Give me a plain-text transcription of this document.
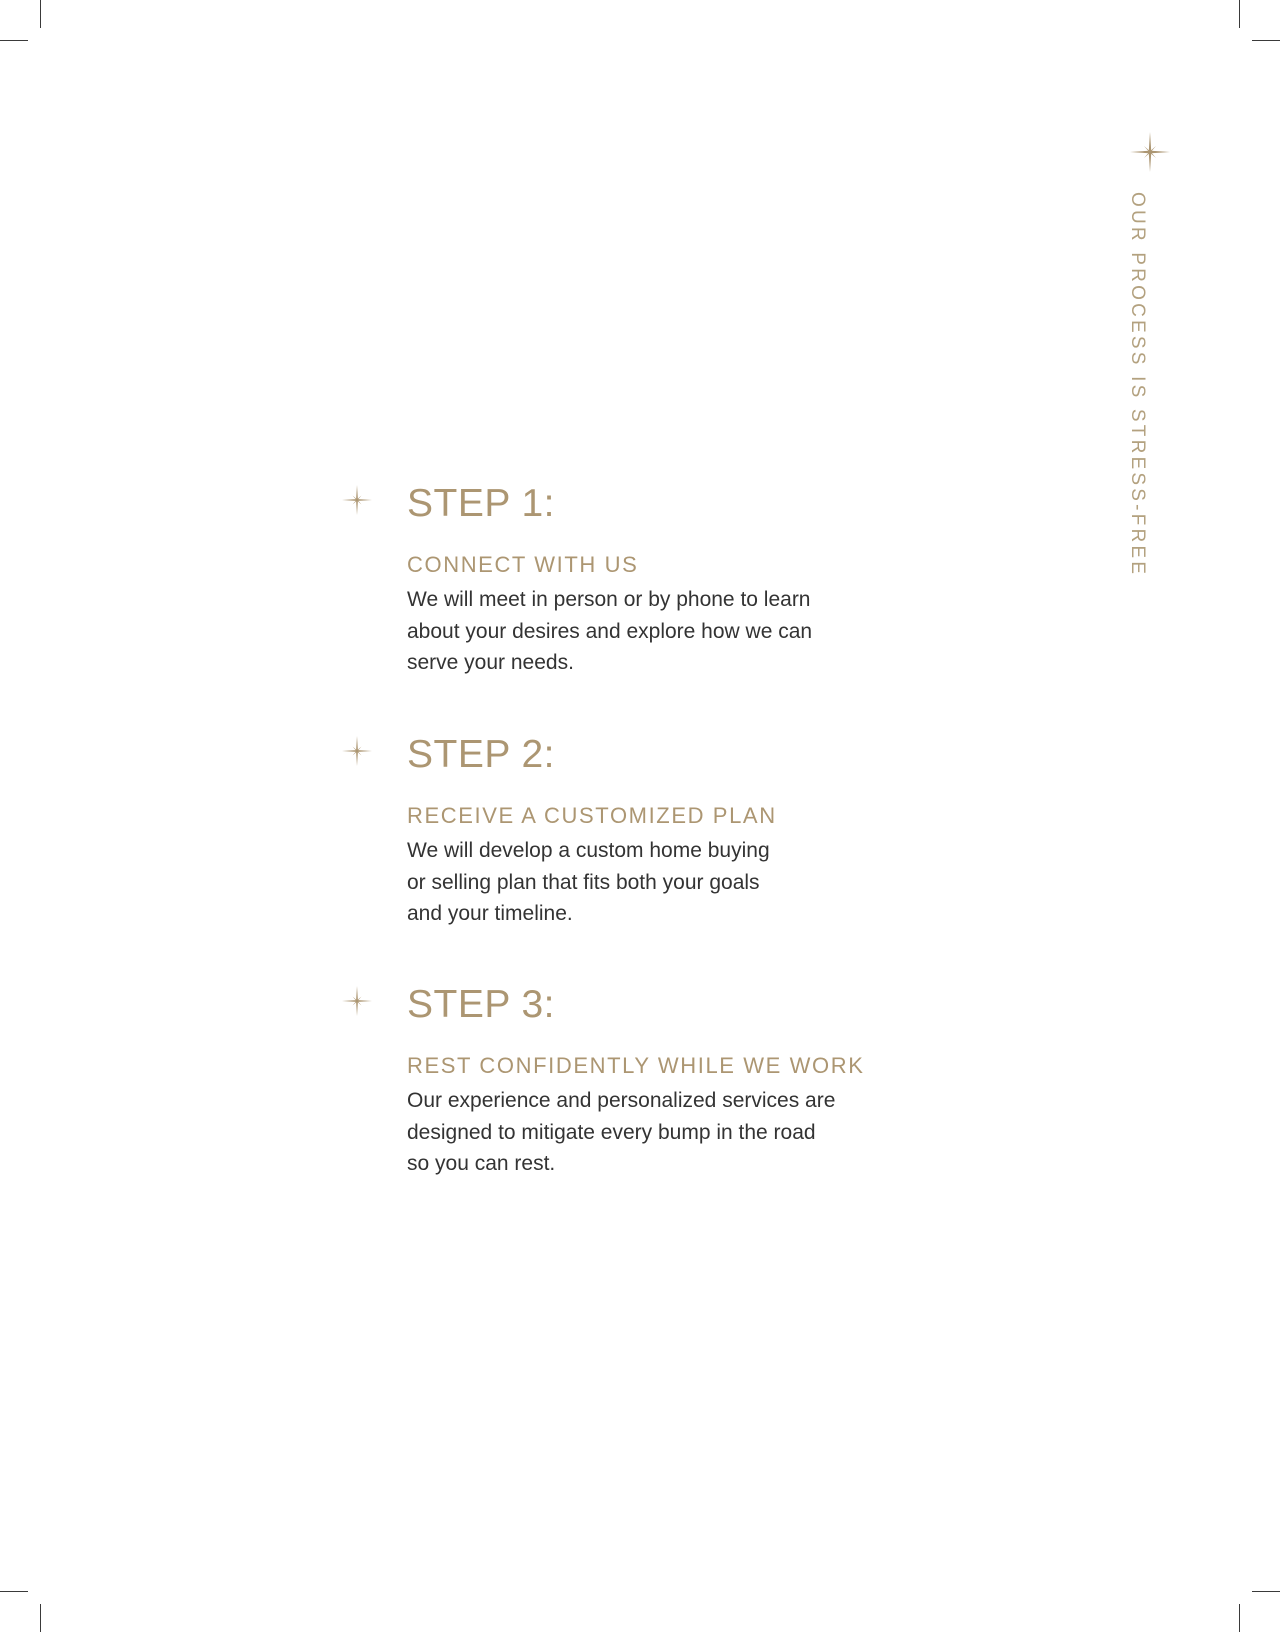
OUR PROCESS IS STRESS-FREE
STEP 1:
CONNECT WITH US
We will meet in person or by phone to learn
about your desires and explore how we can
serve your needs.
STEP 2:
RECEIVE A CUSTOMIZED PLAN
We will develop a custom home buying
or selling plan that fits both your goals
and your timeline.
STEP 3:
REST CONFIDENTLY WHILE WE WORK
Our experience and personalized services are
designed to mitigate every bump in the road
so you can rest.
